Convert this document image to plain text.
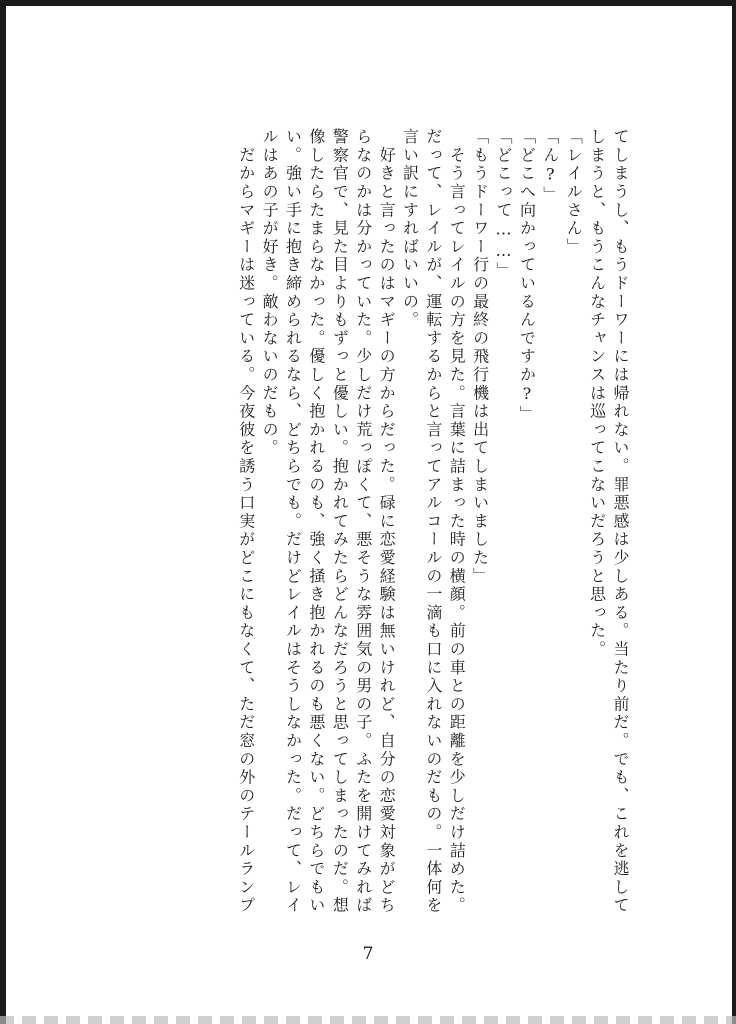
てしまうし、もうドーワーには帰れない。罪悪感は少しある。当たり前だ。でも、これを逃して
しまうと、もうこんなチャンスは巡ってこないだろうと思った。
「レイルさん」
「ん?」
「どこへ向かっているんですか?」
「どこって……」
「もうドーワー行の最終の飛行機は出てしまいました」
　そう言ってレイルの方を見た。言葉に詰まった時の横顔。前の車との距離を少しだけ詰めた。
だって、レイルが、運転するからと言ってアルコールの一滴も口に入れないのだもの。一体何を
言い訳にすればいいの。
　好きと言ったのはマギーの方からだった。碌に恋愛経験は無いけれど、自分の恋愛対象がどち
らなのかは分かっていた。少しだけ荒っぽくて、悪そうな雰囲気の男の子。ふたを開けてみれば
警察官で、見た目よりもずっと優しい。抱かれてみたらどんなだろうと思ってしまったのだ。想
像したらたまらなかった。優しく抱かれるのも、強く掻き抱かれるのも悪くない。どちらでもい
い。強い手に抱き締められるなら、どちらでも。だけどレイルはそうしなかった。だって、レイ
ルはあの子が好き。敵わないのだもの。
　だからマギーは迷っている。今夜彼を誘う口実がどこにもなくて、ただ窓の外のテールランプ
7
